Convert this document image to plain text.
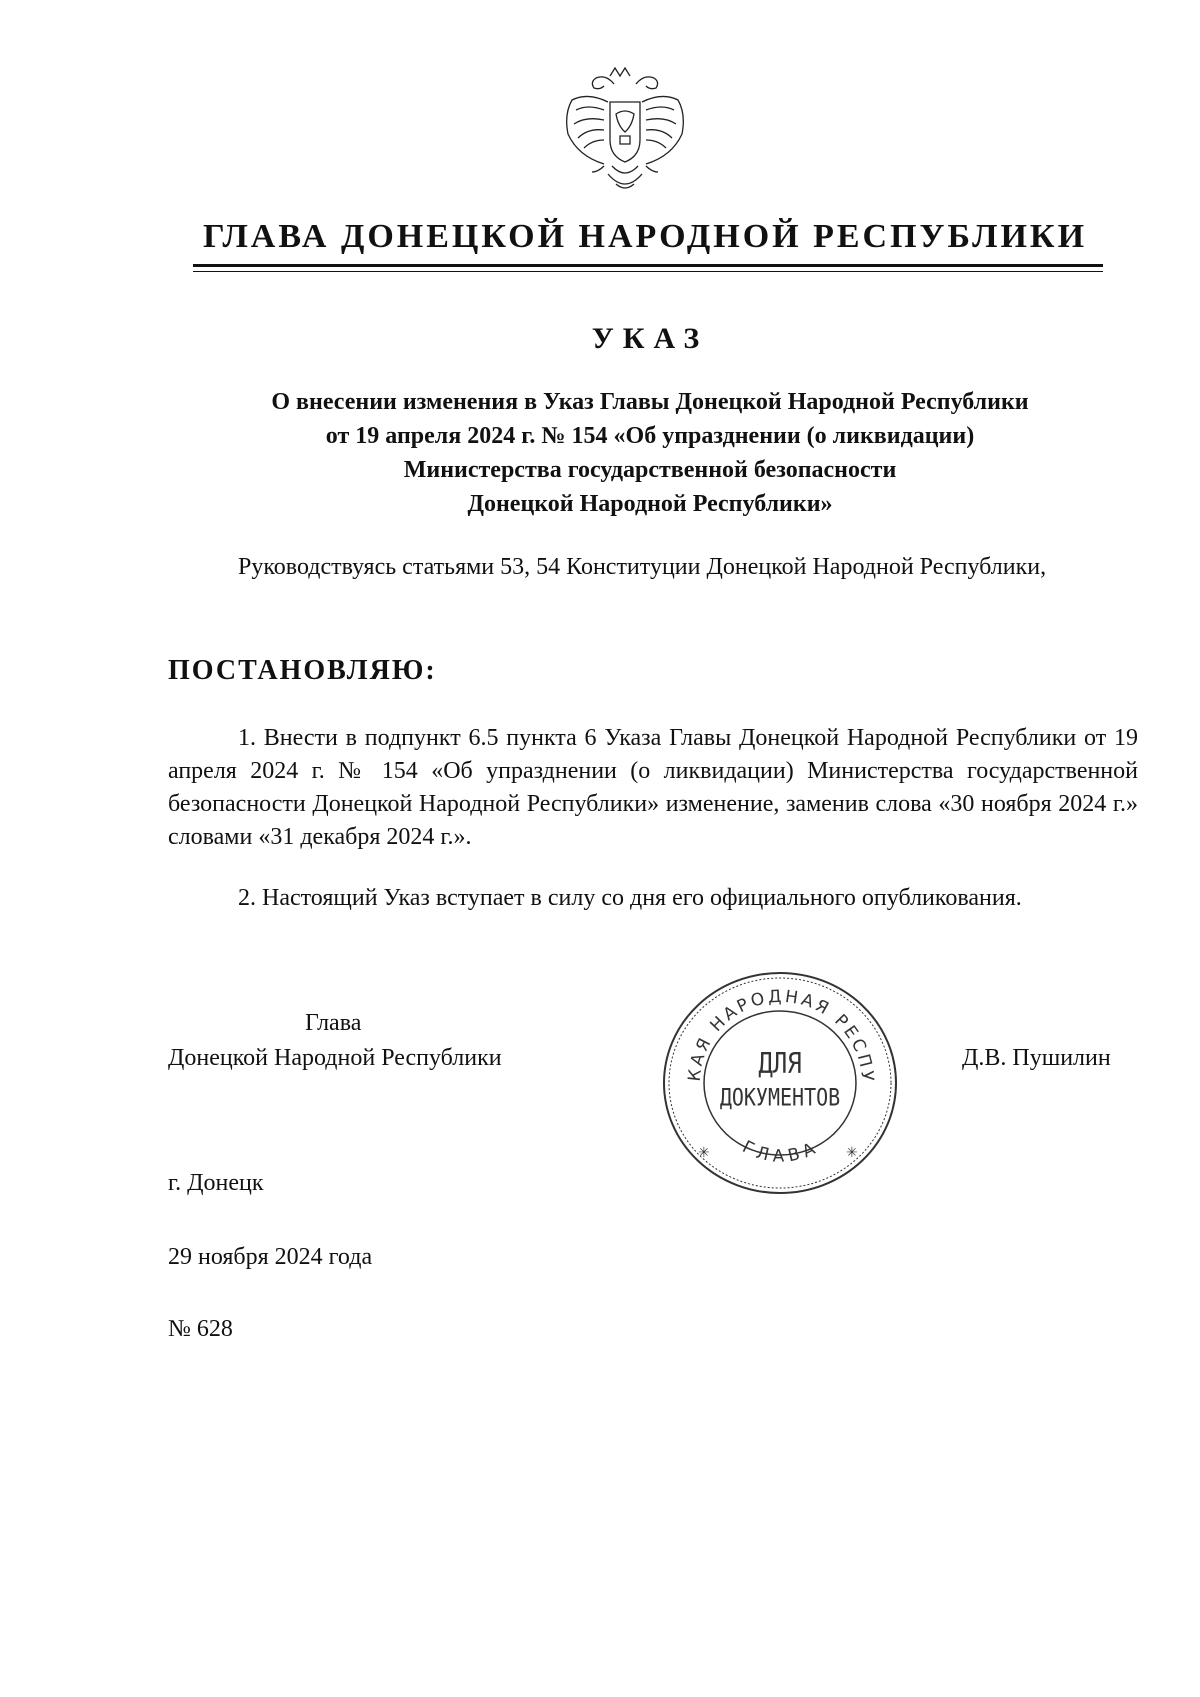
ГЛАВА ДОНЕЦКОЙ НАРОДНОЙ РЕСПУБЛИКИ
УКАЗ
О внесении изменения в Указ Главы Донецкой Народной Республики
от 19 апреля 2024 г. № 154 «Об упразднении (о ликвидации)
Министерства государственной безопасности
Донецкой Народной Республики»
Руководствуясь статьями 53, 54 Конституции Донецкой Народной Республики,
ПОСТАНОВЛЯЮ:
1. Внести в подпункт 6.5 пункта 6 Указа Главы Донецкой Народной Республики от 19 апреля 2024 г. № 154 «Об упразднении (о ликвидации) Министерства государственной безопасности Донецкой Народной Республики» изменение, заменив слова «30 ноября 2024 г.» словами «31 декабря 2024 г.».
2. Настоящий Указ вступает в силу со дня его официального опубликования.
Глава
Донецкой Народной Республики	Д.В. Пушилин
КАЯ НАРОДНАЯ РЕСПУ
ГЛАВА
✳	✳
ДЛЯ
ДОКУМЕНТОВ
г. Донецк
29 ноября 2024 года
№ 628
